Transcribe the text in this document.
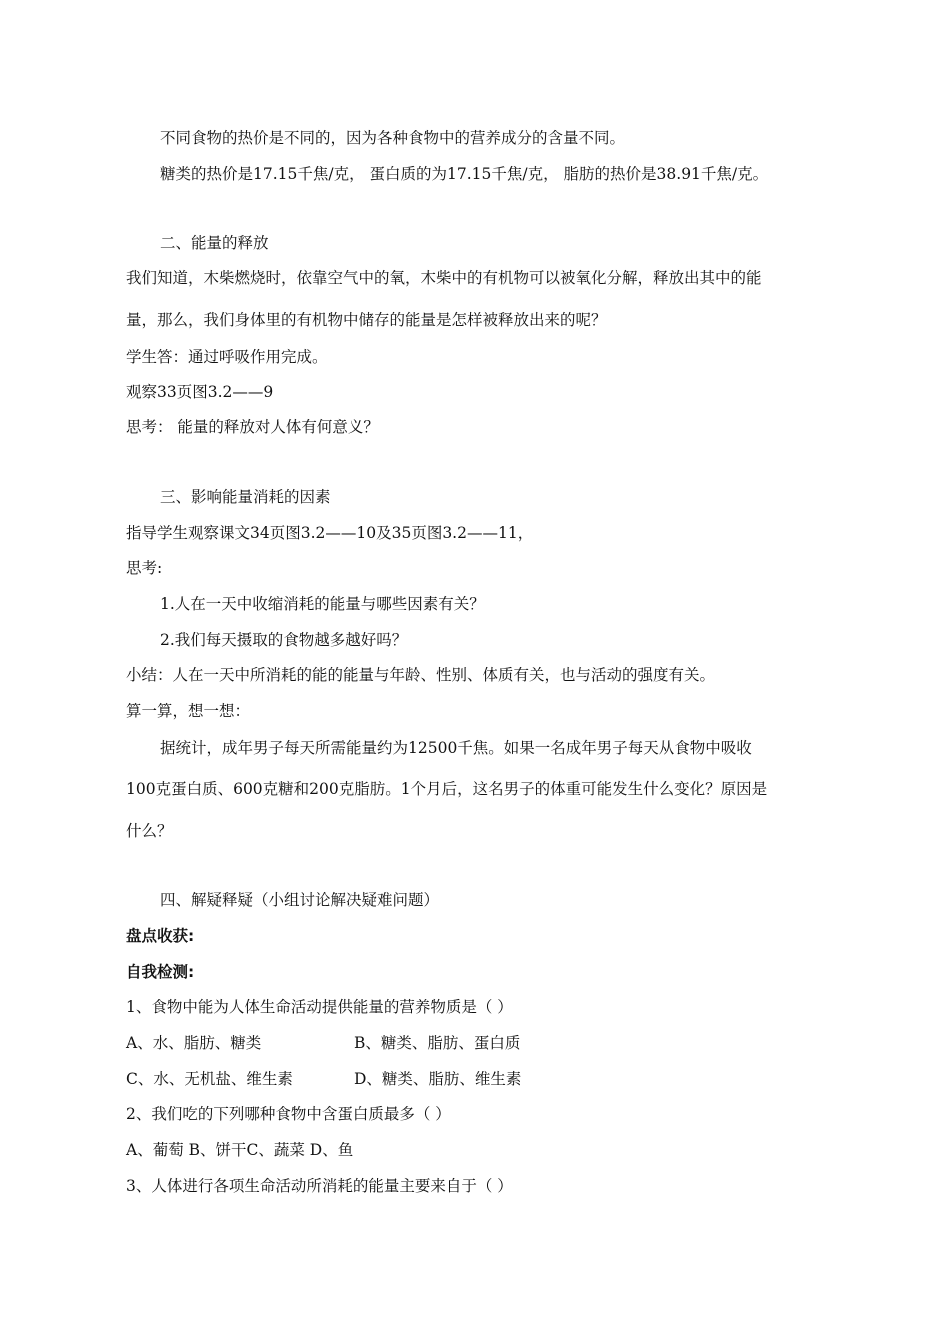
不同食物的热价是不同的，因为各种食物中的营养成分的含量不同。
糖类的热价是17.15千焦/克， 蛋白质的为17.15千焦/克， 脂肪的热价是38.91千焦/克。
二、能量的释放
我们知道，木柴燃烧时，依靠空气中的氧，木柴中的有机物可以被氧化分解，释放出其中的能
量，那么，我们身体里的有机物中储存的能量是怎样被释放出来的呢？
学生答：通过呼吸作用完成。
观察33页图3.2——9
思考： 能量的释放对人体有何意义？
三、影响能量消耗的因素
指导学生观察课文34页图3.2——10及35页图3.2——11，
思考:
1.人在一天中收缩消耗的能量与哪些因素有关？
2.我们每天摄取的食物越多越好吗？
小结：人在一天中所消耗的能的能量与年龄、性别、体质有关，也与活动的强度有关。
算一算，想一想：
据统计，成年男子每天所需能量约为12500千焦。如果一名成年男子每天从食物中吸收
100克蛋白质、600克糖和200克脂肪。1个月后，这名男子的体重可能发生什么变化？原因是
什么？
四、解疑释疑（小组讨论解决疑难问题）
盘点收获:
自我检测:
1、食物中能为人体生命活动提供能量的营养物质是（ ）
A、水、脂肪、糖类	B、糖类、脂肪、蛋白质
C、水、无机盐、维生素	D、糖类、脂肪、维生素
2、我们吃的下列哪种食物中含蛋白质最多（ ）
A、葡萄 B、饼干C、蔬菜 D、鱼
3、人体进行各项生命活动所消耗的能量主要来自于（ ）
